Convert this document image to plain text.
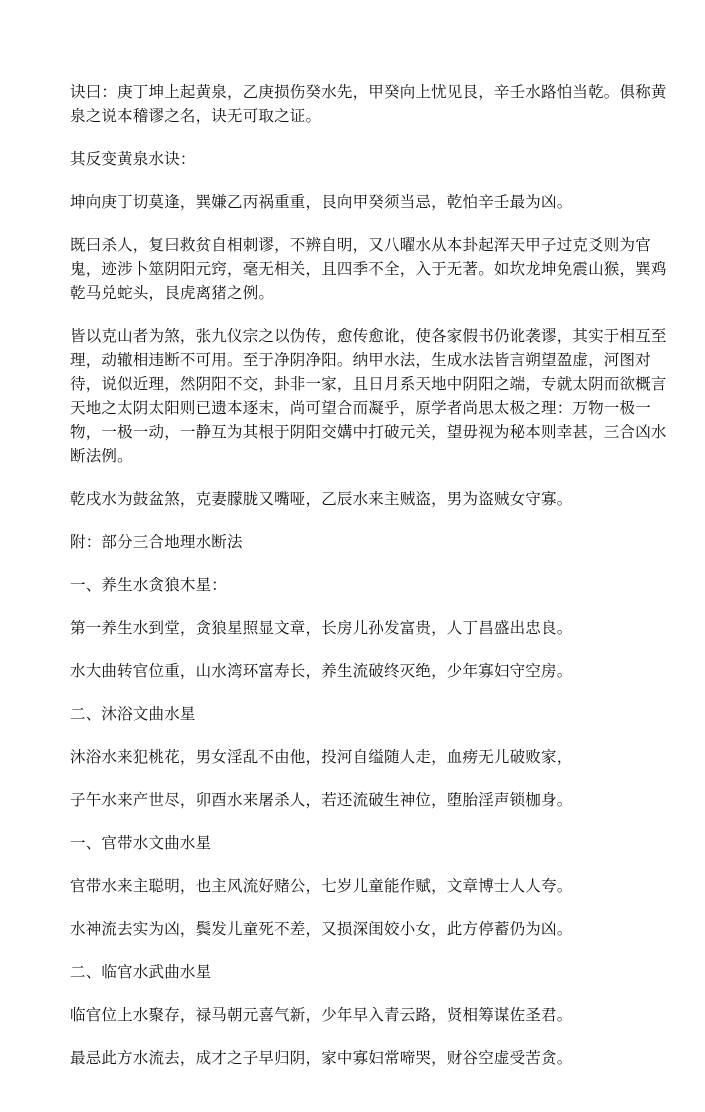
诀曰：庚丁坤上起黄泉，乙庚损伤癸水先，甲癸向上忧见艮，辛壬水路怕当乾。俱称黄泉之说本稽谬之名，诀无可取之证。

其反变黄泉水诀：

坤向庚丁切莫逢，巽嫌乙丙祸重重，艮向甲癸须当忌，乾怕辛壬最为凶。

既曰杀人，复曰救贫自相刺谬，不辨自明，又八曜水从本卦起浑天甲子过克爻则为官鬼，迹涉卜筮阴阳元窍，毫无相关，且四季不全，入于无著。如坎龙坤免震山猴，巽鸡乾马兑蛇头，艮虎离猪之例。

皆以克山者为煞，张九仪宗之以伪传，愈传愈讹，使各家假书仍讹袭谬，其实于相互至理，动辙相违断不可用。至于净阴净阳。纳甲水法，生成水法皆言朔望盈虚，河图对待，说似近理，然阴阳不交，卦非一家，且日月系天地中阴阳之端，专就太阴而欲概言天地之太阴太阳则已遗本逐末，尚可望合而凝乎，原学者尚思太极之理：万物一极一物，一极一动，一静互为其根于阴阳交媾中打破元关，望毋视为秘本则幸甚，三合凶水断法例。

乾戌水为鼓盆煞，克妻朦胧又嘴哑，乙辰水来主贼盗，男为盗贼女守寡。

附：部分三合地理水断法

一、养生水贪狼木星：

第一养生水到堂，贪狼星照显文章，长房儿孙发富贵，人丁昌盛出忠良。

水大曲转官位重，山水湾环富寿长，养生流破终灭绝，少年寡妇守空房。

二、沐浴文曲水星

沐浴水来犯桃花，男女淫乱不由他，投河自缢随人走，血痨无儿破败家，

子午水来产世尽，卯酉水来屠杀人，若还流破生神位，堕胎淫声锁枷身。

一、官带水文曲水星

官带水来主聪明，也主风流好赌公，七岁儿童能作赋，文章博士人人夸。

水神流去实为凶，鬓发儿童死不差，又损深闺姣小女，此方停蓄仍为凶。

二、临官水武曲水星

临官位上水聚存，禄马朝元喜气新，少年早入青云路，贤相筹谋佐圣君。

最忌此方水流去，成才之子早归阴，家中寡妇常啼哭，财谷空虚受苦贪。
